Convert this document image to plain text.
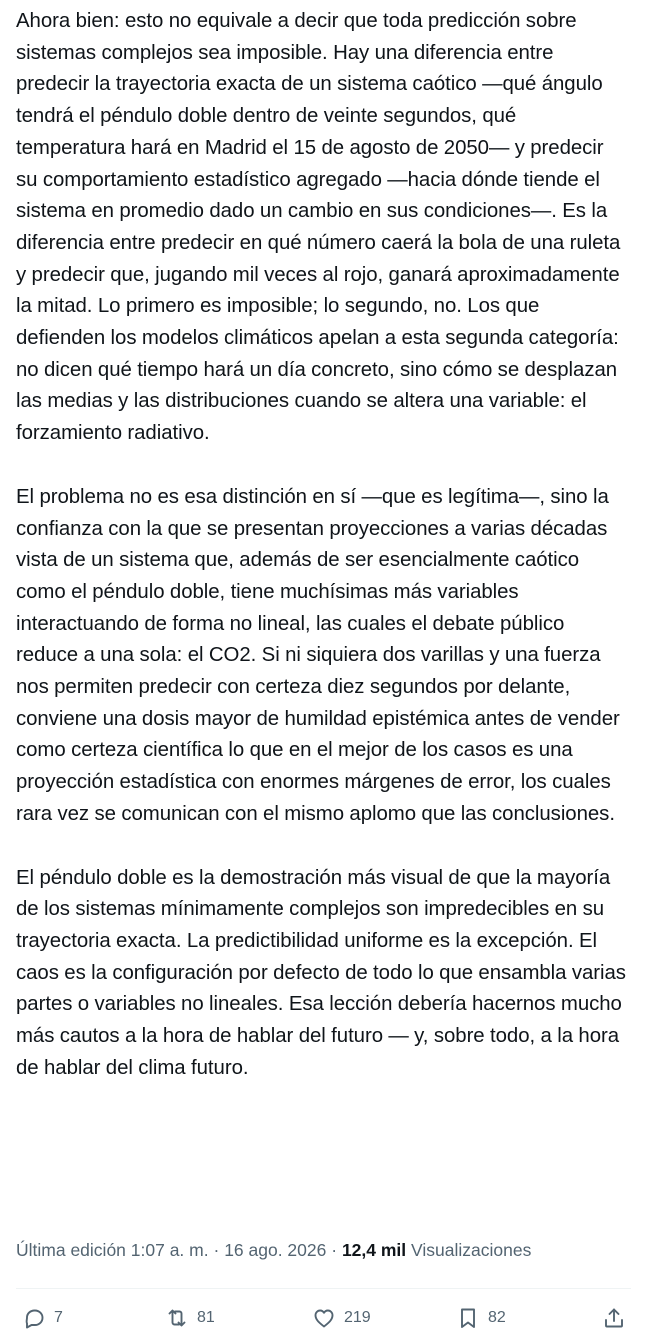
Ahora bien: esto no equivale a decir que toda predicción sobre sistemas complejos sea imposible. Hay una diferencia entre predecir la trayectoria exacta de un sistema caótico —qué ángulo tendrá el péndulo doble dentro de veinte segundos, qué temperatura hará en Madrid el 15 de agosto de 2050— y predecir su comportamiento estadístico agregado —hacia dónde tiende el sistema en promedio dado un cambio en sus condiciones—. Es la diferencia entre predecir en qué número caerá la bola de una ruleta y predecir que, jugando mil veces al rojo, ganará aproximadamente la mitad. Lo primero es imposible; lo segundo, no. Los que defienden los modelos climáticos apelan a esta segunda categoría: no dicen qué tiempo hará un día concreto, sino cómo se desplazan las medias y las distribuciones cuando se altera una variable: el forzamiento radiativo.

El problema no es esa distinción en sí —que es legítima—, sino la confianza con la que se presentan proyecciones a varias décadas vista de un sistema que, además de ser esencialmente caótico como el péndulo doble, tiene muchísimas más variables interactuando de forma no lineal, las cuales el debate público reduce a una sola: el CO2. Si ni siquiera dos varillas y una fuerza nos permiten predecir con certeza diez segundos por delante, conviene una dosis mayor de humildad epistémica antes de vender como certeza científica lo que en el mejor de los casos es una proyección estadística con enormes márgenes de error, los cuales rara vez se comunican con el mismo aplomo que las conclusiones.

El péndulo doble es la demostración más visual de que la mayoría de los sistemas mínimamente complejos son impredecibles en su trayectoria exacta. La predictibilidad uniforme es la excepción. El caos es la configuración por defecto de todo lo que ensambla varias partes o variables no lineales. Esa lección debería hacernos mucho más cautos a la hora de hablar del futuro — y, sobre todo, a la hora de hablar del clima futuro.

Última edición 1:07 a. m. · 16 ago. 2026 · 12,4 mil Visualizaciones
7	81	219	82
